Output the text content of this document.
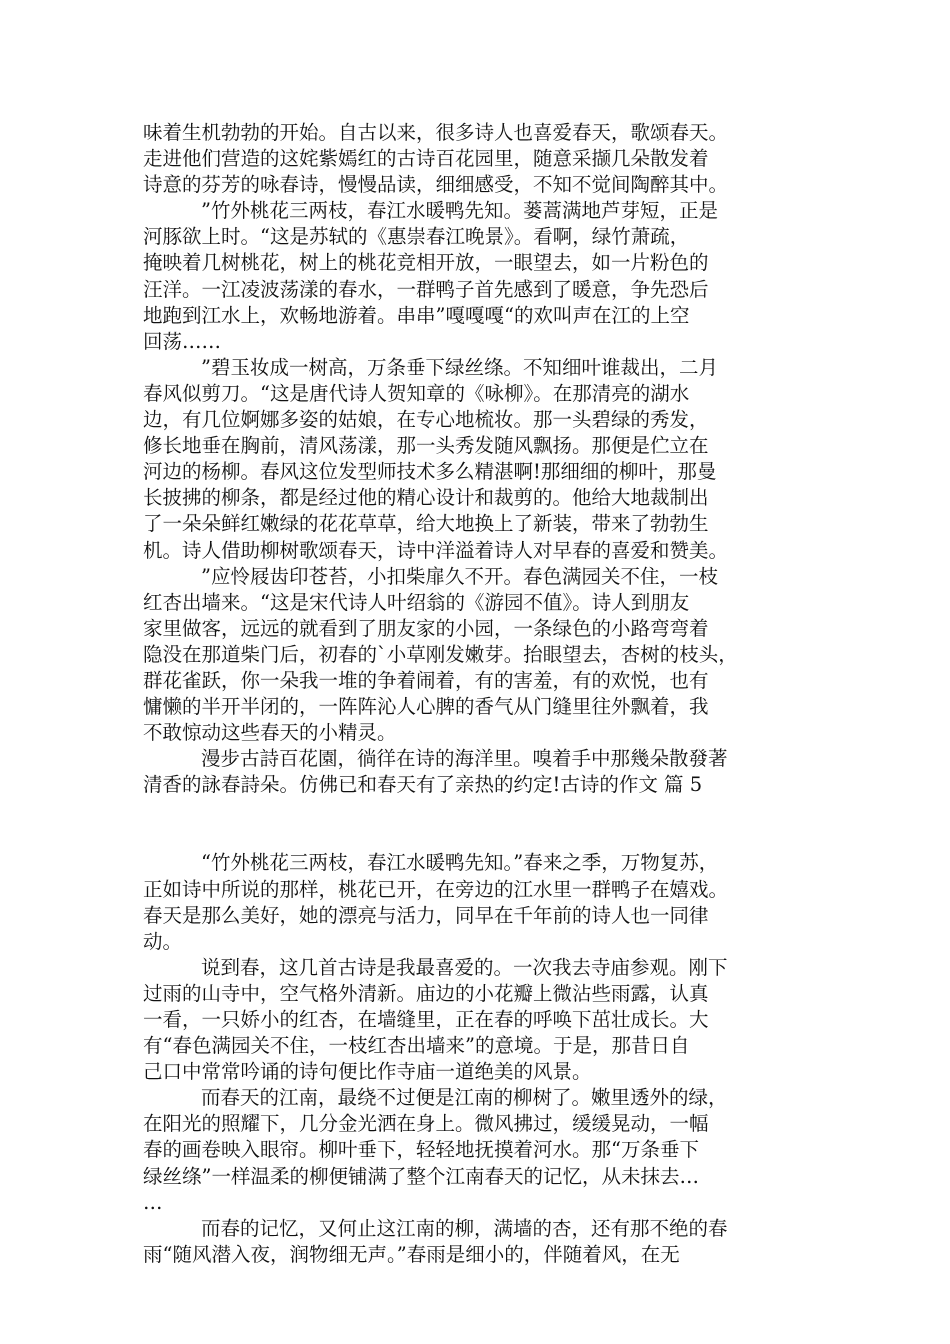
味着生机勃勃的开始。自古以来，很多诗人也喜爱春天，歌颂春天。
走进他们营造的这姹紫嫣红的古诗百花园里，随意采撷几朵散发着
诗意的芬芳的咏春诗，慢慢品读，细细感受，不知不觉间陶醉其中。
”竹外桃花三两枝，春江水暖鸭先知。蒌蒿满地芦芽短，正是
河豚欲上时。“这是苏轼的《惠崇春江晚景》。看啊，绿竹萧疏，
掩映着几树桃花，树上的桃花竞相开放，一眼望去，如一片粉色的
汪洋。一江凌波荡漾的春水，一群鸭子首先感到了暖意，争先恐后
地跑到江水上，欢畅地游着。串串”嘎嘎嘎“的欢叫声在江的上空
回荡……
”碧玉妆成一树高，万条垂下绿丝绦。不知细叶谁裁出，二月
春风似剪刀。“这是唐代诗人贺知章的《咏柳》。在那清亮的湖水
边，有几位婀娜多姿的姑娘，在专心地梳妆。那一头碧绿的秀发，
修长地垂在胸前，清风荡漾，那一头秀发随风飘扬。那便是伫立在
河边的杨柳。春风这位发型师技术多么精湛啊!那细细的柳叶，那曼
长披拂的柳条，都是经过他的精心设计和裁剪的。他给大地裁制出
了一朵朵鲜红嫩绿的花花草草，给大地换上了新装，带来了勃勃生
机。诗人借助柳树歌颂春天，诗中洋溢着诗人对早春的喜爱和赞美。
”应怜屐齿印苍苔，小扣柴扉久不开。春色满园关不住，一枝
红杏出墙来。“这是宋代诗人叶绍翁的《游园不值》。诗人到朋友
家里做客，远远的就看到了朋友家的小园，一条绿色的小路弯弯着
隐没在那道柴门后，初春的`小草刚发嫩芽。抬眼望去，杏树的枝头，
群花雀跃，你一朵我一堆的争着闹着，有的害羞，有的欢悦，也有
慵懒的半开半闭的，一阵阵沁人心脾的香气从门缝里往外飘着，我
不敢惊动这些春天的小精灵。
漫步古詩百花園，徜徉在诗的海洋里。嗅着手中那幾朵散發著
清香的詠春詩朵。仿佛已和春天有了亲热的约定!古诗的作文 篇 5
“竹外桃花三两枝，春江水暖鸭先知。”春来之季，万物复苏，
正如诗中所说的那样，桃花已开，在旁边的江水里一群鸭子在嬉戏。
春天是那么美好，她的漂亮与活力，同早在千年前的诗人也一同律
动。
说到春，这几首古诗是我最喜爱的。一次我去寺庙参观。刚下
过雨的山寺中，空气格外清新。庙边的小花瓣上微沾些雨露，认真
一看，一只娇小的红杏，在墙缝里，正在春的呼唤下茁壮成长。大
有“春色满园关不住，一枝红杏出墙来”的意境。于是，那昔日自
己口中常常吟诵的诗句便比作寺庙一道绝美的风景。
而春天的江南，最绕不过便是江南的柳树了。嫩里透外的绿，
在阳光的照耀下，几分金光洒在身上。微风拂过，缓缓晃动，一幅
春的画卷映入眼帘。柳叶垂下，轻轻地抚摸着河水。那“万条垂下
绿丝绦”一样温柔的柳便铺满了整个江南春天的记忆，从未抹去…
…
而春的记忆，又何止这江南的柳，满墙的杏，还有那不绝的春
雨“随风潜入夜，润物细无声。”春雨是细小的，伴随着风，在无
